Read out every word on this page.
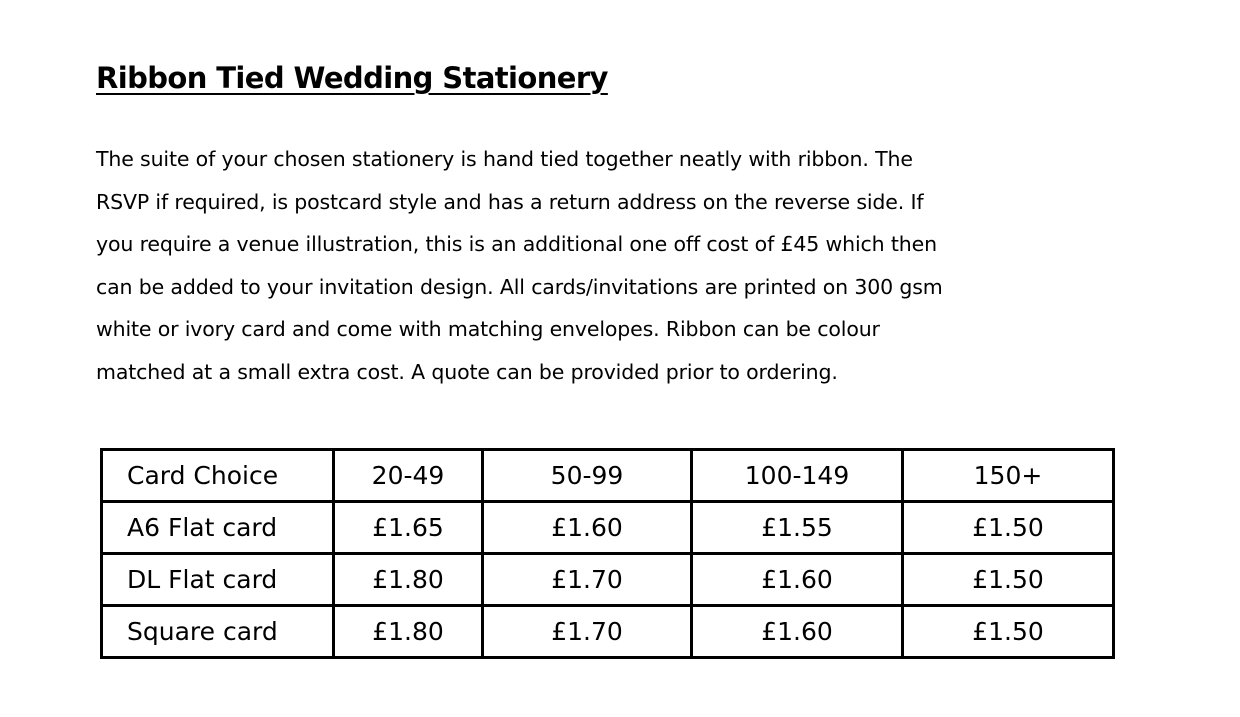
Ribbon Tied Wedding Stationery
The suite of your chosen stationery is hand tied together neatly with ribbon. The
RSVP if required, is postcard style and has a return address on the reverse side. If
you require a venue illustration, this is an additional one off cost of £45 which then
can be added to your invitation design. All cards/invitations are printed on 300 gsm
white or ivory card and come with matching envelopes. Ribbon can be colour
matched at a small extra cost. A quote can be provided prior to ordering.
Card Choice	20-49	50-99	100-149	150+
A6 Flat card	£1.65	£1.60	£1.55	£1.50
DL Flat card	£1.80	£1.70	£1.60	£1.50
Square card	£1.80	£1.70	£1.60	£1.50
